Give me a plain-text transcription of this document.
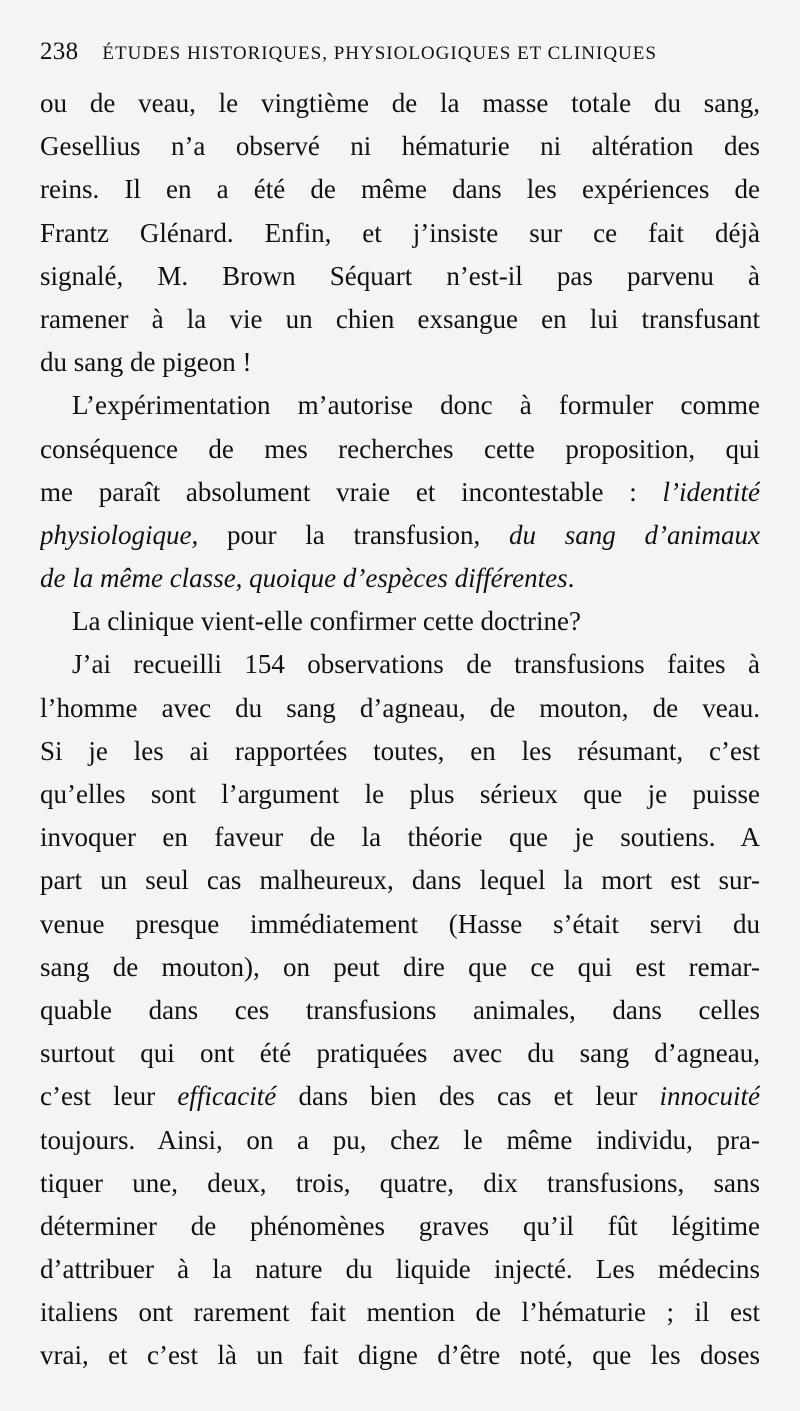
238 ÉTUDES HISTORIQUES, PHYSIOLOGIQUES ET CLINIQUES
ou de veau, le vingtième de la masse totale du sang,
Gesellius n’a observé ni hématurie ni altération des
reins. Il en a été de même dans les expériences de
Frantz Glénard. Enfin, et j’insiste sur ce fait déjà
signalé, M. Brown Séquart n’est-il pas parvenu à
ramener à la vie un chien exsangue en lui transfusant
du sang de pigeon !
L’expérimentation m’autorise donc à formuler comme
conséquence de mes recherches cette proposition, qui
me paraît absolument vraie et incontestable : l’identité
physiologique, pour la transfusion, du sang d’animaux
de la même classe, quoique d’espèces différentes.
La clinique vient-elle confirmer cette doctrine?
J’ai recueilli 154 observations de transfusions faites à
l’homme avec du sang d’agneau, de mouton, de veau.
Si je les ai rapportées toutes, en les résumant, c’est
qu’elles sont l’argument le plus sérieux que je puisse
invoquer en faveur de la théorie que je soutiens. A
part un seul cas malheureux, dans lequel la mort est sur-
venue presque immédiatement (Hasse s’était servi du
sang de mouton), on peut dire que ce qui est remar-
quable dans ces transfusions animales, dans celles
surtout qui ont été pratiquées avec du sang d’agneau,
c’est leur efficacité dans bien des cas et leur innocuité
toujours. Ainsi, on a pu, chez le même individu, pra-
tiquer une, deux, trois, quatre, dix transfusions, sans
déterminer de phénomènes graves qu’il fût légitime
d’attribuer à la nature du liquide injecté. Les médecins
italiens ont rarement fait mention de l’hématurie ; il est
vrai, et c’est là un fait digne d’être noté, que les doses
